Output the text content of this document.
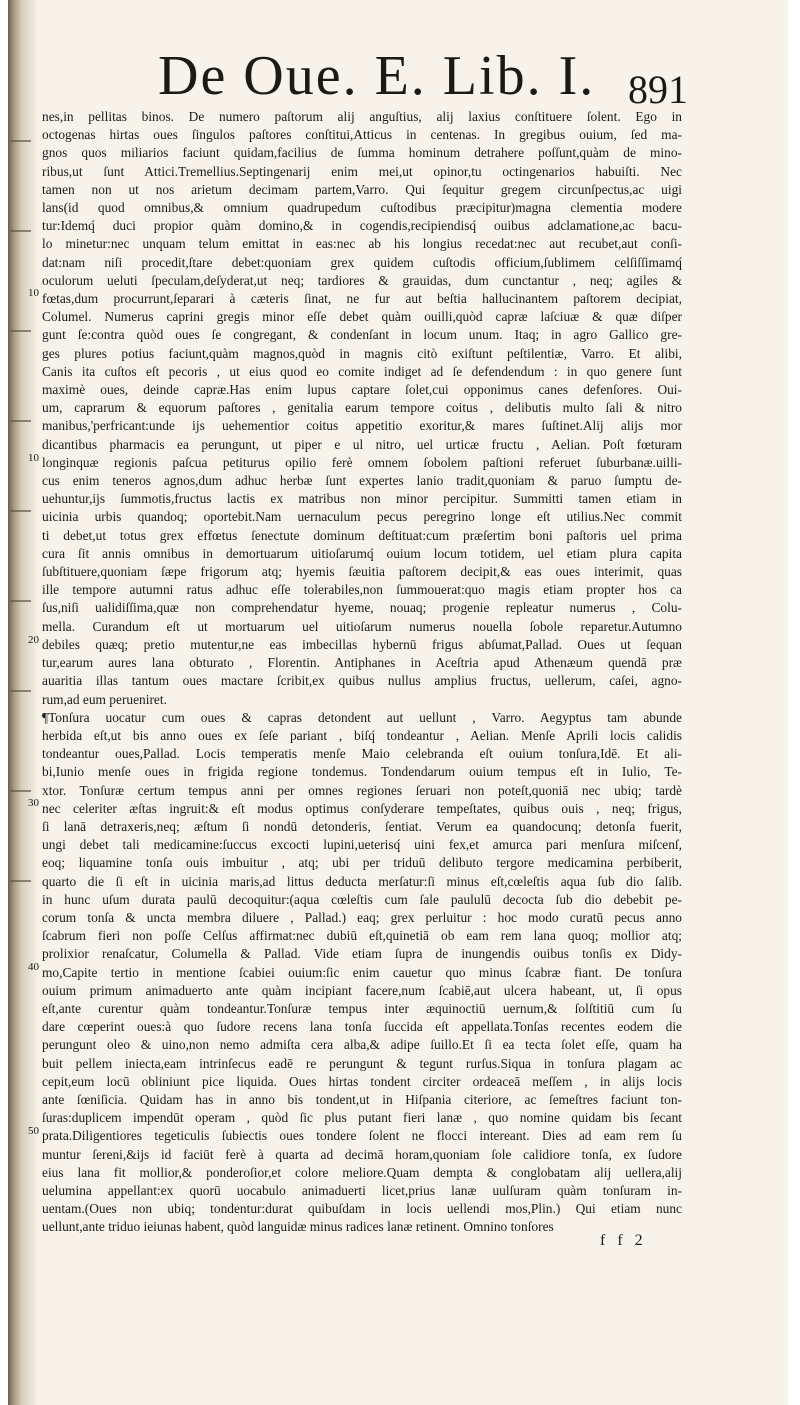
De Oue. E. Lib. I. 891
nes,in pellitas binos. De numero paſtorum alij anguſtius, alij laxius conſtituere ſolent. Ego in
octogenas hirtas oues ſingulos paſtores conſtitui,Atticus in centenas. In gregibus ouium, ſed ma-
gnos quos miliarios faciunt quidam,facilius de ſumma hominum detrahere poſſunt,quàm de mino-
ribus,ut ſunt Attici.Tremellius.Septingenarij enim mei,ut opinor,tu octingenarios habuiſti. Nec
tamen non ut nos arietum decimam partem,Varro. Qui ſequitur gregem circunſpectus,ac uigi
lans(id quod omnibus,& omnium quadrupedum cuſtodibus præcipitur)magna clementia modere
tur:Idemq́ duci propior quàm domino,& in cogendis,recipiendisq́ ouibus adclamatione,ac bacu-
lo minetur:nec unquam telum emittat in eas:nec ab his longius recedat:nec aut recubet,aut conſi-
dat:nam niſi procedit,ſtare debet:quoniam grex quidem cuſtodis officium,ſublimem celſiſſimamq́
oculorum ueluti ſpeculam,deſyderat,ut neq; tardiores & grauidas, dum cunctantur , neq; agiles &
fœtas,dum procurrunt,ſeparari à cæteris ſinat, ne fur aut beſtia hallucinantem paſtorem decipiat,
Columel. Numerus caprini gregis minor eſſe debet quàm ouilli,quòd capræ laſciuæ & quæ diſper
gunt ſe:contra quòd oues ſe congregant, & condenſant in locum unum. Itaq; in agro Gallico gre-
ges plures potius faciunt,quàm magnos,quòd in magnis citò exiſtunt peſtilentiæ, Varro. Et alibi,
Canis ita cuſtos eſt pecoris , ut eius quod eo comite indiget ad ſe defendendum : in quo genere ſunt
maximè oues, deinde capræ.Has enim lupus captare ſolet,cui opponimus canes defenſores. Oui-
um, caprarum & equorum paſtores , genitalia earum tempore coitus , delibutis multo ſali & nitro
manibus,'perfricant:unde ijs uehementior coitus appetitio exoritur,& mares ſuſtinet.Alij alijs mor
dicantibus pharmacis ea perungunt, ut piper e ul nitro, uel urticæ fructu , Aelian. Poſt fœturam
longinquæ regionis paſcua petiturus opilio ferè omnem ſobolem paſtioni referuet ſuburbanæ.uilli-
cus enim teneros agnos,dum adhuc herbæ ſunt expertes lanio tradit,quoniam & paruo ſumptu de-
uehuntur,ijs ſummotis,fructus lactis ex matribus non minor percipitur. Summitti tamen etiam in
uicinia urbis quandoq; oportebit.Nam uernaculum pecus peregrino longe eſt utilius.Nec commit
ti debet,ut totus grex effœtus ſenectute dominum deſtituat:cum præſertim boni paſtoris uel prima
cura ſit annis omnibus in demortuarum uitioſarumq́ ouium locum totidem, uel etiam plura capita
ſubſtituere,quoniam ſæpe frigorum atq; hyemis ſæuitia paſtorem decipit,& eas oues interimit, quas
ille tempore autumni ratus adhuc eſſe tolerabiles,non ſummouerat:quo magis etiam propter hos ca
ſus,niſi ualidiſſima,quæ non comprehendatur hyeme, nouaq; progenie repleatur numerus , Colu-
mella. Curandum eſt ut mortuarum uel uitioſarum numerus nouella ſobole reparetur.Autumno
debiles quæq; pretio mutentur,ne eas imbecillas hybernū frigus abſumat,Pallad. Oues ut ſequan
tur,earum aures lana obturato , Florentin. Antiphanes in Aceſtria apud Athenæum quendā præ
auaritia illas tantum oues mactare ſcribit,ex quibus nullus amplius fructus, uellerum, caſei, agno-
rum,ad eum perueniret.
¶Tonſura uocatur cum oues & capras detondent aut uellunt , Varro. Aegyptus tam abunde
herbida eſt,ut bis anno oues ex ſeſe pariant , biſq́ tondeantur , Aelian. Menſe Aprili locis calidis
tondeantur oues,Pallad. Locis temperatis menſe Maio celebranda eſt ouium tonſura,Idē. Et ali-
bi,Iunio menſe oues in frigida regione tondemus. Tondendarum ouium tempus eſt in Iulio, Te-
xtor. Tonſuræ certum tempus anni per omnes regiones ſeruari non poteſt,quoniā nec ubiq; tardè
nec celeriter æſtas ingruit:& eſt modus optimus conſyderare tempeſtates, quibus ouis , neq; frigus,
ſi lanā detraxeris,neq; æſtum ſi nondū detonderis, ſentiat. Verum ea quandocunq; detonſa fuerit,
ungi debet tali medicamine:ſuccus excocti lupini,ueterisq́ uini fex,et amurca pari menſura miſcenſ,
eoq; liquamine tonſa ouis imbuitur , atq; ubi per triduū delibuto tergore medicamina perbiberit,
quarto die ſi eſt in uicinia maris,ad littus deducta merſatur:ſi minus eſt,cœleſtis aqua ſub dio ſalib.
in hunc uſum durata paulū decoquitur:(aqua cœleſtis cum ſale paululū decocta ſub dio debebit pe-
corum tonſa & uncta membra diluere , Pallad.) eaq; grex perluitur : hoc modo curatū pecus anno
ſcabrum fieri non poſſe Celſus affirmat:nec dubiū eſt,quinetiā ob eam rem lana quoq; mollior atq;
prolixior renaſcatur, Columella & Pallad. Vide etiam ſupra de inungendis ouibus tonſis ex Didy-
mo,Capite tertio in mentione ſcabiei ouium:ſic enim cauetur quo minus ſcabræ fiant. De tonſura
ouium primum animaduerto ante quàm incipiant facere,num ſcabiē,aut ulcera habeant, ut, ſi opus
eſt,ante curentur quàm tondeantur.Tonſuræ tempus inter æquinoctiū uernum,& ſolſtitiū cum ſu
dare cœperint oues:à quo ſudore recens lana tonſa ſuccida eſt appellata.Tonſas recentes eodem die
perungunt oleo & uino,non nemo admiſta cera alba,& adipe ſuillo.Et ſi ea tecta ſolet eſſe, quam ha
buit pellem iniecta,eam intrinſecus eadē re perungunt & tegunt rurſus.Siqua in tonſura plagam ac
cepit,eum locū obliniunt pice liquida. Oues hirtas tondent circiter ordeaceā meſſem , in alijs locis
ante ſœniſicia. Quidam has in anno bis tondent,ut in Hiſpania citeriore, ac ſemeſtres faciunt ton-
ſuras:duplicem impendūt operam , quòd ſic plus putant fieri lanæ , quo nomine quidam bis ſecant
prata.Diligentiores tegeticulis ſubiectis oues tondere ſolent ne flocci intereant. Dies ad eam rem ſu
muntur ſereni,&ijs id faciūt ferè à quarta ad decimā horam,quoniam ſole calidiore tonſa, ex ſudore
eius lana fit mollior,& ponderoſior,et colore meliore.Quam dempta & conglobatam alij uellera,alij
uelumina appellant:ex quorū uocabulo animaduerti licet,prius lanæ uulſuram quàm tonſuram in-
uentam.(Oues non ubiq; tondentur:durat quibuſdam in locis uellendi mos,Plin.) Qui etiam nunc
uellunt,ante triduo ieiunas habent, quòd languidæ minus radices lanæ retinent. Omnino tonſores
10
10
20
30
40
50
f f 2
